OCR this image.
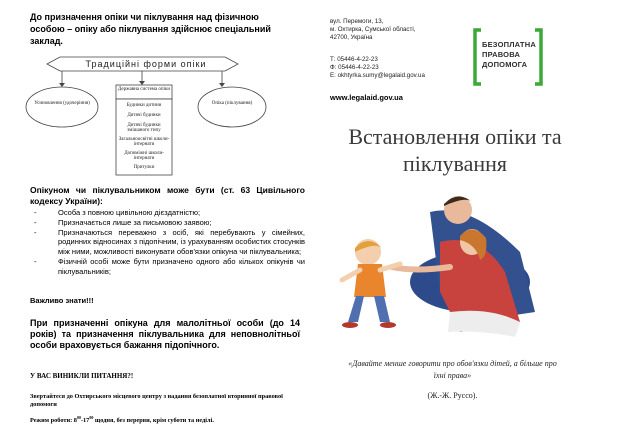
До призначення опіки чи піклування над фізичною особою – опіку або піклування здійснює спеціальний заклад.
Традиційні форми опіки
Усиновлення (удочеріння)
Державна система опіки
Будинки дитини
Дитячі будинки
Дитячі будинки змішаного типу
Загальноосвітні школи-інтернати
Допоміжні школи-інтернати
Притулки
Опіка (піклування)
Опікуном чи піклувальником може бути (ст. 63 Цивільного кодексу України):
- Особа з повною цивільною дієздатністю;
- Призначається лише за письмовою заявою;
- Призначаються переважно з осіб, які перебувають у сімейних, родинних відносинах з підопічним, із урахуванням особистих стосунків між ними, можливості виконувати обов'язки опікуна чи піклувальника;
- Фізичній особі може бути призначено одного або кількох опікунів чи піклувальників;
Важливо знати!!!
При призначенні опікуна для малолітньої особи (до 14 років) та призначення піклувальника для неповнолітньої особи враховується бажання підопічного.
У ВАС ВИНИКЛИ ПИТАННЯ?!
Звертайтеся до Охтирського місцевого центру з надання безоплатної вторинної правової допомоги
Режим роботи: $8^{00}-17^{00}$ щодня, без перерви, крім суботи та неділі.
вул. Перемоги, 13,
м. Охтирка, Сумської області,
42700, Україна
Т: 05446-4-22-23
Ф: 05446-4-22-23
Е: okhtyrka.sumy@legalaid.gov.ua
www.legalaid.gov.ua
БЕЗОПЛАТНА
ПРАВОВА
ДОПОМОГА
Встановлення опіки та піклування
«Давайте менше говорити про обов'язки дітей, а більше про їхні права»
(Ж.-Ж. Руссо).
